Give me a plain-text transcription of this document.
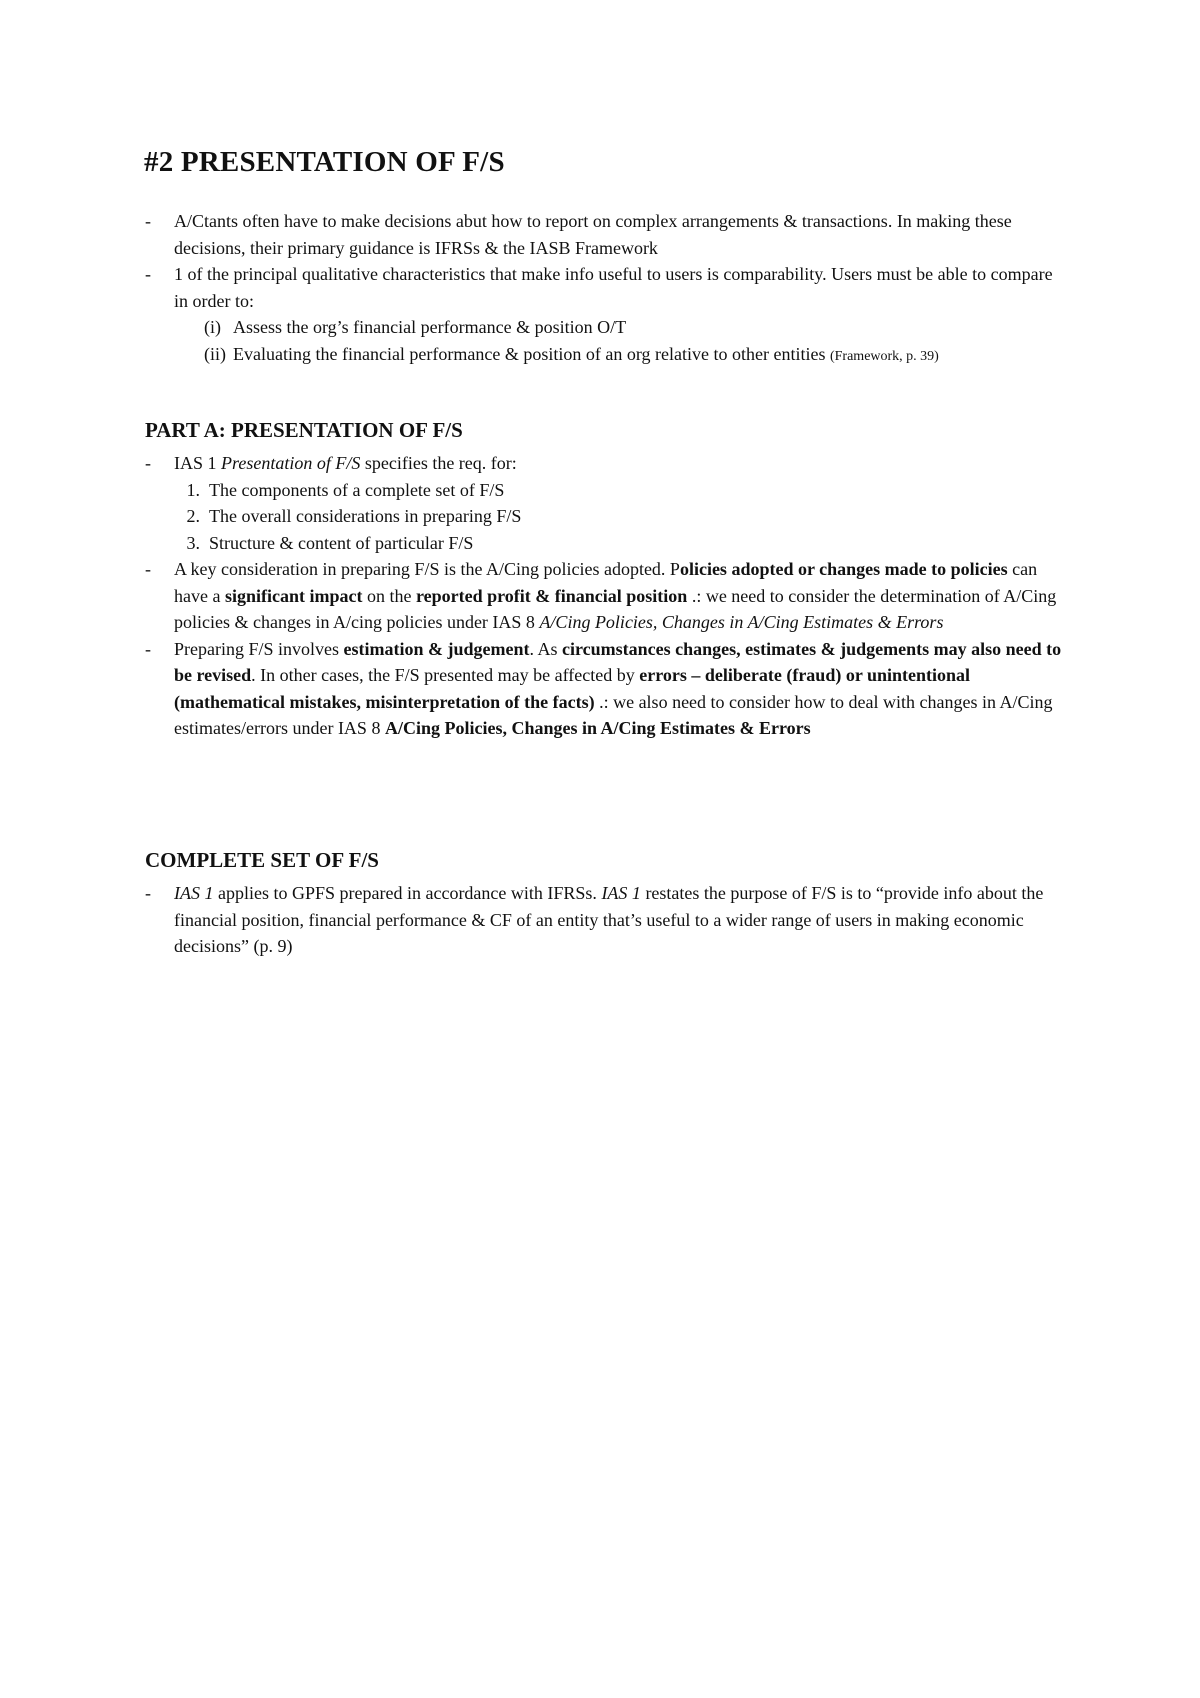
#2 PRESENTATION OF F/S
- A/Ctants often have to make decisions abut how to report on complex arrangements & transactions. In making these decisions, their primary guidance is IFRSs & the IASB Framework
- 1 of the principal qualitative characteristics that make info useful to users is comparability. Users must be able to compare in order to:
(i) Assess the org’s financial performance & position O/T
(ii) Evaluating the financial performance & position of an org relative to other entities (Framework, p. 39)
PART A: PRESENTATION OF F/S
- IAS 1 Presentation of F/S specifies the req. for:
1. The components of a complete set of F/S
2. The overall considerations in preparing F/S
3. Structure & content of particular F/S
- A key consideration in preparing F/S is the A/Cing policies adopted. Policies adopted or changes made to policies can have a significant impact on the reported profit & financial position .: we need to consider the determination of A/Cing policies & changes in A/cing policies under IAS 8 A/Cing Policies, Changes in A/Cing Estimates & Errors
- Preparing F/S involves estimation & judgement. As circumstances changes, estimates & judgements may also need to be revised. In other cases, the F/S presented may be affected by errors – deliberate (fraud) or unintentional (mathematical mistakes, misinterpretation of the facts) .: we also need to consider how to deal with changes in A/Cing estimates/errors under IAS 8 A/Cing Policies, Changes in A/Cing Estimates & Errors
COMPLETE SET OF F/S
- IAS 1 applies to GPFS prepared in accordance with IFRSs. IAS 1 restates the purpose of F/S is to “provide info about the financial position, financial performance & CF of an entity that’s useful to a wider range of users in making economic decisions” (p. 9)
